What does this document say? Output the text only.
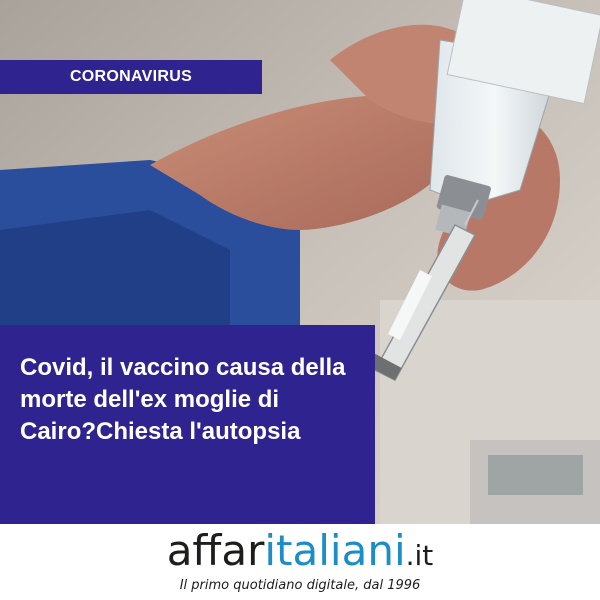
CORONAVIRUS
Covid, il vaccino causa della morte dell'ex moglie di Cairo?Chiesta l'autopsia
affaritaliani.it
Il primo quotidiano digitale, dal 1996
